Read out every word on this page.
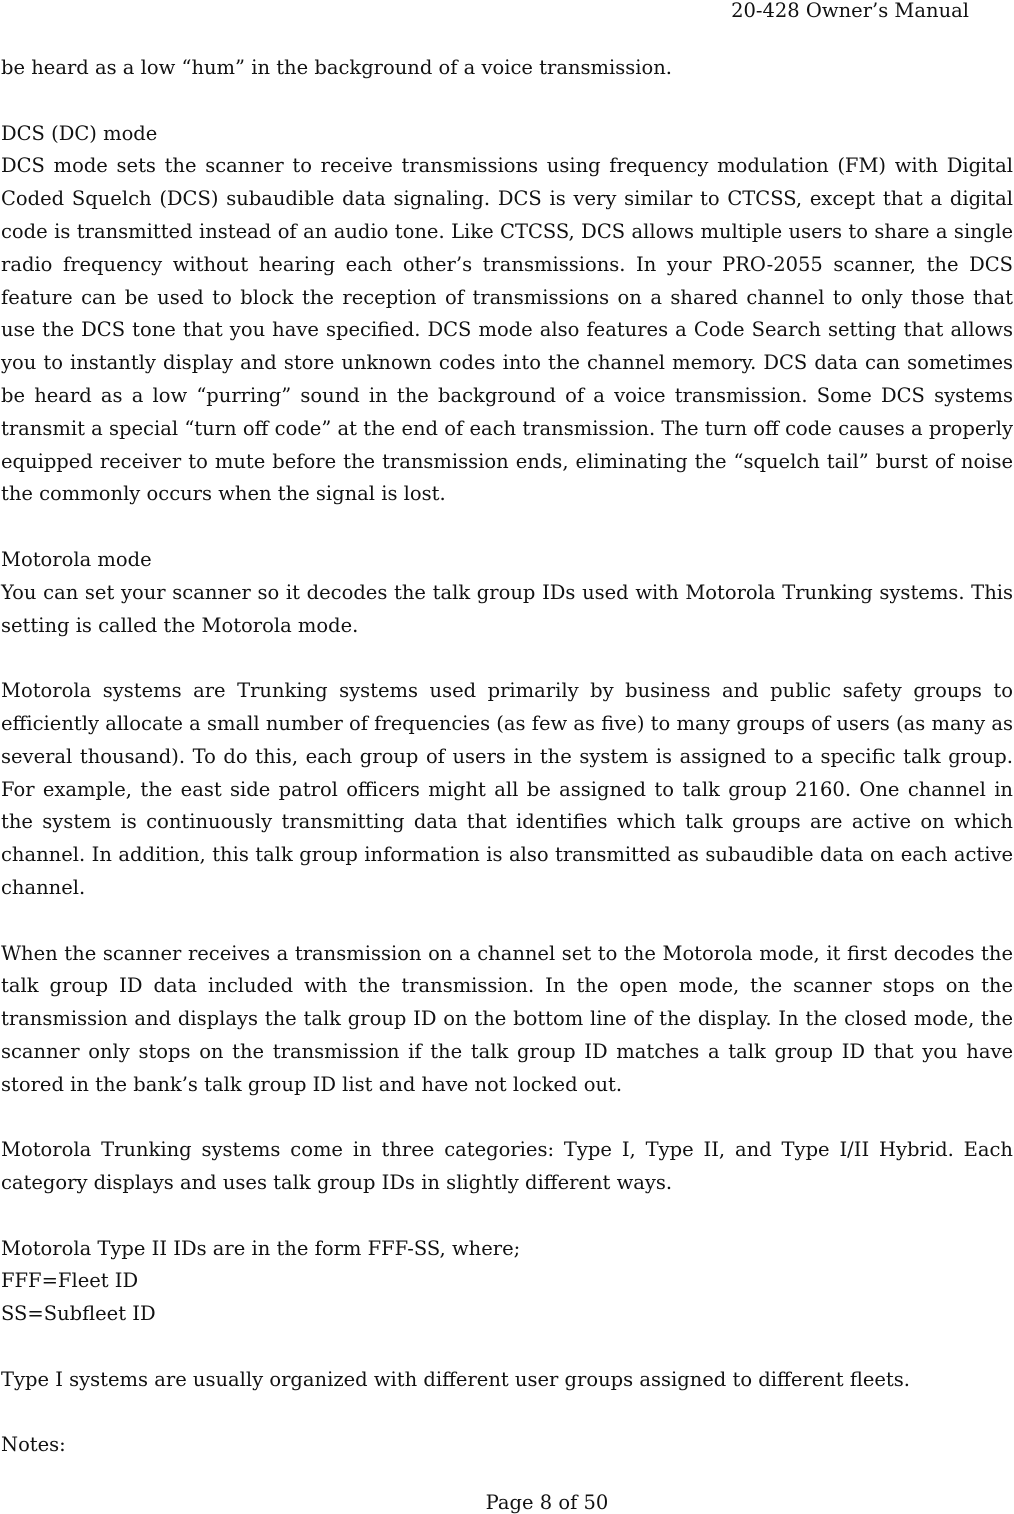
20-428 Owner’s Manual

be heard as a low “hum” in the background of a voice transmission.

DCS (DC) mode
DCS mode sets the scanner to receive transmissions using frequency modulation (FM) with Digital Coded Squelch (DCS) subaudible data signaling. DCS is very similar to CTCSS, except that a digital code is transmitted instead of an audio tone. Like CTCSS, DCS allows multiple users to share a single radio frequency without hearing each other’s transmissions. In your PRO-2055 scanner, the DCS feature can be used to block the reception of transmissions on a shared channel to only those that use the DCS tone that you have specified. DCS mode also features a Code Search setting that allows you to instantly display and store unknown codes into the channel memory. DCS data can sometimes be heard as a low “purring” sound in the background of a voice transmission. Some DCS systems transmit a special “turn off code” at the end of each transmission. The turn off code causes a properly equipped receiver to mute before the transmission ends, eliminating the “squelch tail” burst of noise the commonly occurs when the signal is lost.

Motorola mode
You can set your scanner so it decodes the talk group IDs used with Motorola Trunking systems. This setting is called the Motorola mode.

Motorola systems are Trunking systems used primarily by business and public safety groups to efficiently allocate a small number of frequencies (as few as five) to many groups of users (as many as several thousand). To do this, each group of users in the system is assigned to a specific talk group. For example, the east side patrol officers might all be assigned to talk group 2160. One channel in the system is continuously transmitting data that identifies which talk groups are active on which channel. In addition, this talk group information is also transmitted as subaudible data on each active channel.

When the scanner receives a transmission on a channel set to the Motorola mode, it first decodes the talk group ID data included with the transmission. In the open mode, the scanner stops on the transmission and displays the talk group ID on the bottom line of the display. In the closed mode, the scanner only stops on the transmission if the talk group ID matches a talk group ID that you have stored in the bank’s talk group ID list and have not locked out.

Motorola Trunking systems come in three categories: Type I, Type II, and Type I/II Hybrid. Each category displays and uses talk group IDs in slightly different ways.

Motorola Type II IDs are in the form FFF-SS, where;
FFF=Fleet ID
SS=Subfleet ID

Type I systems are usually organized with different user groups assigned to different fleets.

Notes:

Page 8 of 50
